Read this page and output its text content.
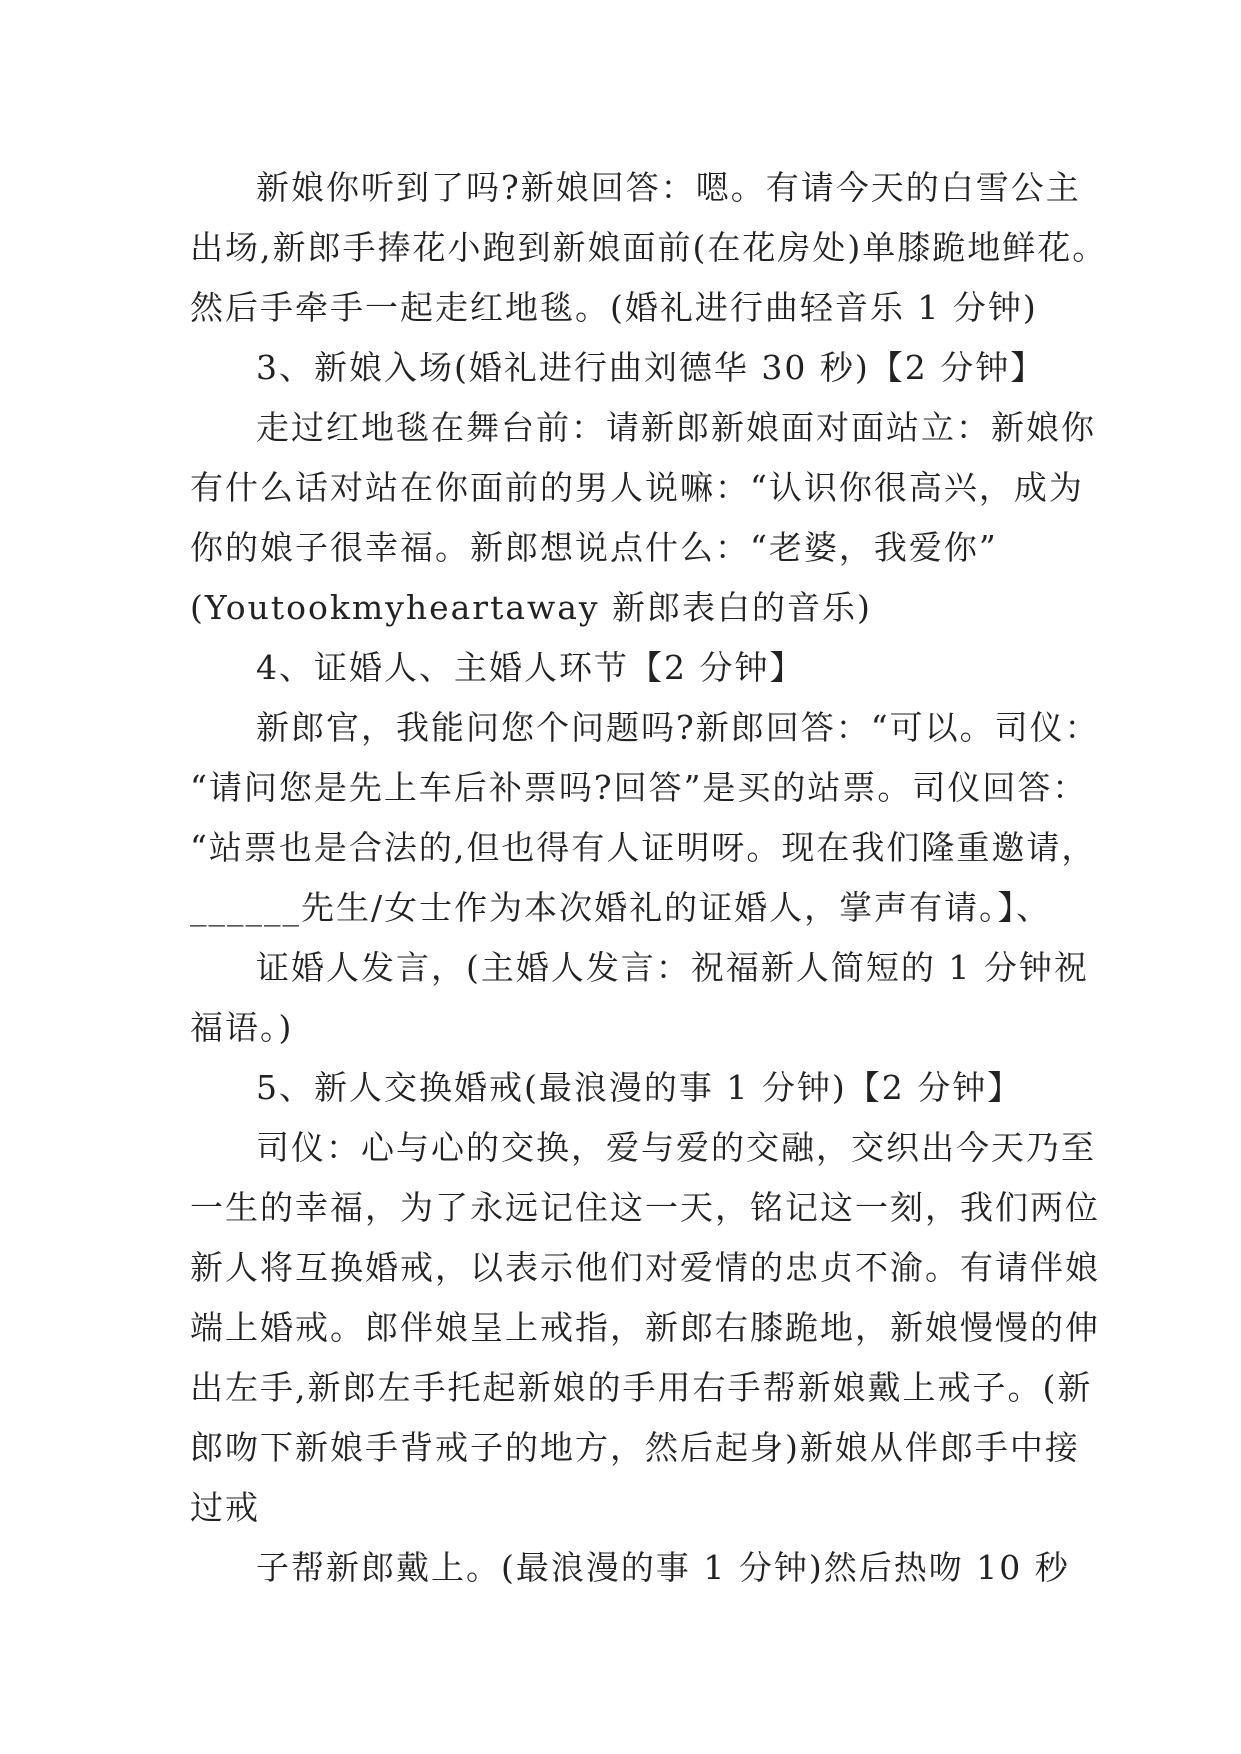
新娘你听到了吗?新娘回答：嗯。有请今天的白雪公主
出场,新郎手捧花小跑到新娘面前(在花房处)单膝跪地鲜花。
然后手牵手一起走红地毯。(婚礼进行曲轻音乐 1 分钟)
3、新娘入场(婚礼进行曲刘德华 30 秒)【2 分钟】
走过红地毯在舞台前：请新郎新娘面对面站立：新娘你
有什么话对站在你面前的男人说嘛：“认识你很高兴，成为
你的娘子很幸福。新郎想说点什么：“老婆，我爱你”
(Youtookmyheartaway 新郎表白的音乐)
4、证婚人、主婚人环节【2 分钟】
新郎官，我能问您个问题吗?新郎回答：“可以。司仪：
“请问您是先上车后补票吗?回答”是买的站票。司仪回答：
“站票也是合法的,但也得有人证明呀。现在我们隆重邀请，
______先生/女士作为本次婚礼的证婚人，掌声有请。】、
证婚人发言，(主婚人发言：祝福新人简短的 1 分钟祝
福语。)
5、新人交换婚戒(最浪漫的事 1 分钟)【2 分钟】
司仪：心与心的交换，爱与爱的交融，交织出今天乃至
一生的幸福，为了永远记住这一天，铭记这一刻，我们两位
新人将互换婚戒，以表示他们对爱情的忠贞不渝。有请伴娘
端上婚戒。郎伴娘呈上戒指，新郎右膝跪地，新娘慢慢的伸
出左手,新郎左手托起新娘的手用右手帮新娘戴上戒子。(新
郎吻下新娘手背戒子的地方，然后起身)新娘从伴郎手中接
过戒
子帮新郎戴上。(最浪漫的事 1 分钟)然后热吻 10 秒
